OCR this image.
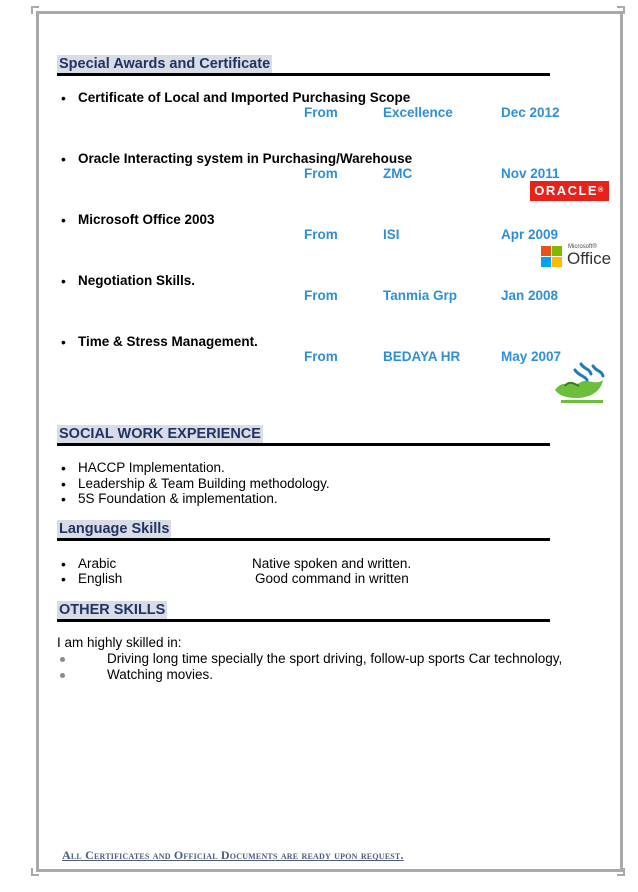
Special Awards and Certificate
• Certificate of Local and Imported Purchasing Scope
From	Excellence	Dec 2012
• Oracle Interacting system in Purchasing/Warehouse
From	ZMC	Nov 2011
ORACLE®
• Microsoft Office 2003
From	ISI	Apr 2009
Microsoft®
Office
• Negotiation Skills.
From	Tanmia Grp	Jan 2008
• Time & Stress Management.
From	BEDAYA HR	May 2007
SOCIAL WORK EXPERIENCE
• HACCP Implementation.
• Leadership & Team Building methodology.
• 5S Foundation & implementation.
Language Skills
• Arabic	Native spoken and written.
• English	Good command in written
OTHER SKILLS
I am highly skilled in:
Driving long time specially the sport driving, follow-up sports Car technology,
Watching movies.
All Certificates and Official Documents are ready upon request.
